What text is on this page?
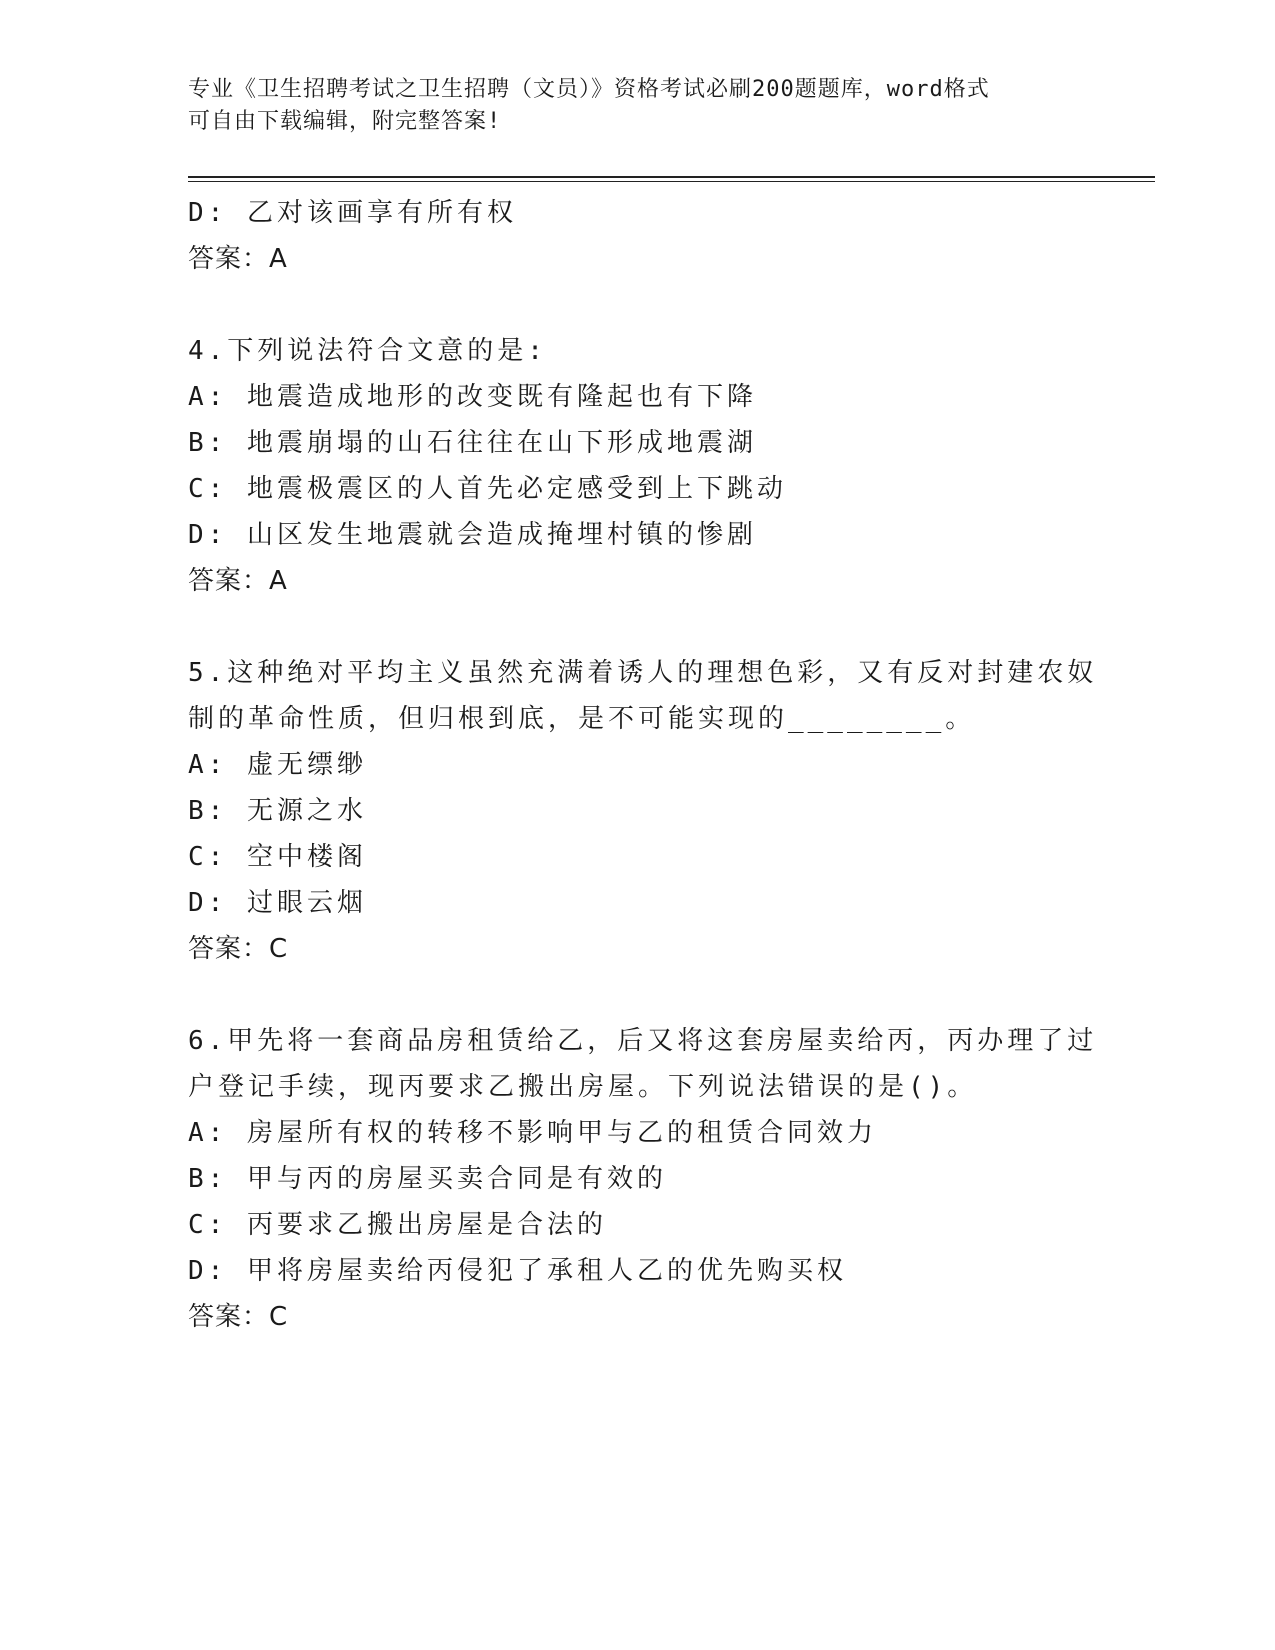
专业《卫生招聘考试之卫生招聘（文员）》资格考试必刷200题题库，word格式
可自由下载编辑，附完整答案!
D: 乙对该画享有所有权
答案：A
4.下列说法符合文意的是:
A: 地震造成地形的改变既有隆起也有下降
B: 地震崩塌的山石往往在山下形成地震湖
C: 地震极震区的人首先必定感受到上下跳动
D: 山区发生地震就会造成掩埋村镇的惨剧
答案：A
5.这种绝对平均主义虽然充满着诱人的理想色彩，又有反对封建农奴
制的革命性质，但归根到底，是不可能实现的________。
A: 虚无缥缈
B: 无源之水
C: 空中楼阁
D: 过眼云烟
答案：C
6.甲先将一套商品房租赁给乙，后又将这套房屋卖给丙，丙办理了过
户登记手续，现丙要求乙搬出房屋。下列说法错误的是()。
A: 房屋所有权的转移不影响甲与乙的租赁合同效力
B: 甲与丙的房屋买卖合同是有效的
C: 丙要求乙搬出房屋是合法的
D: 甲将房屋卖给丙侵犯了承租人乙的优先购买权
答案：C
